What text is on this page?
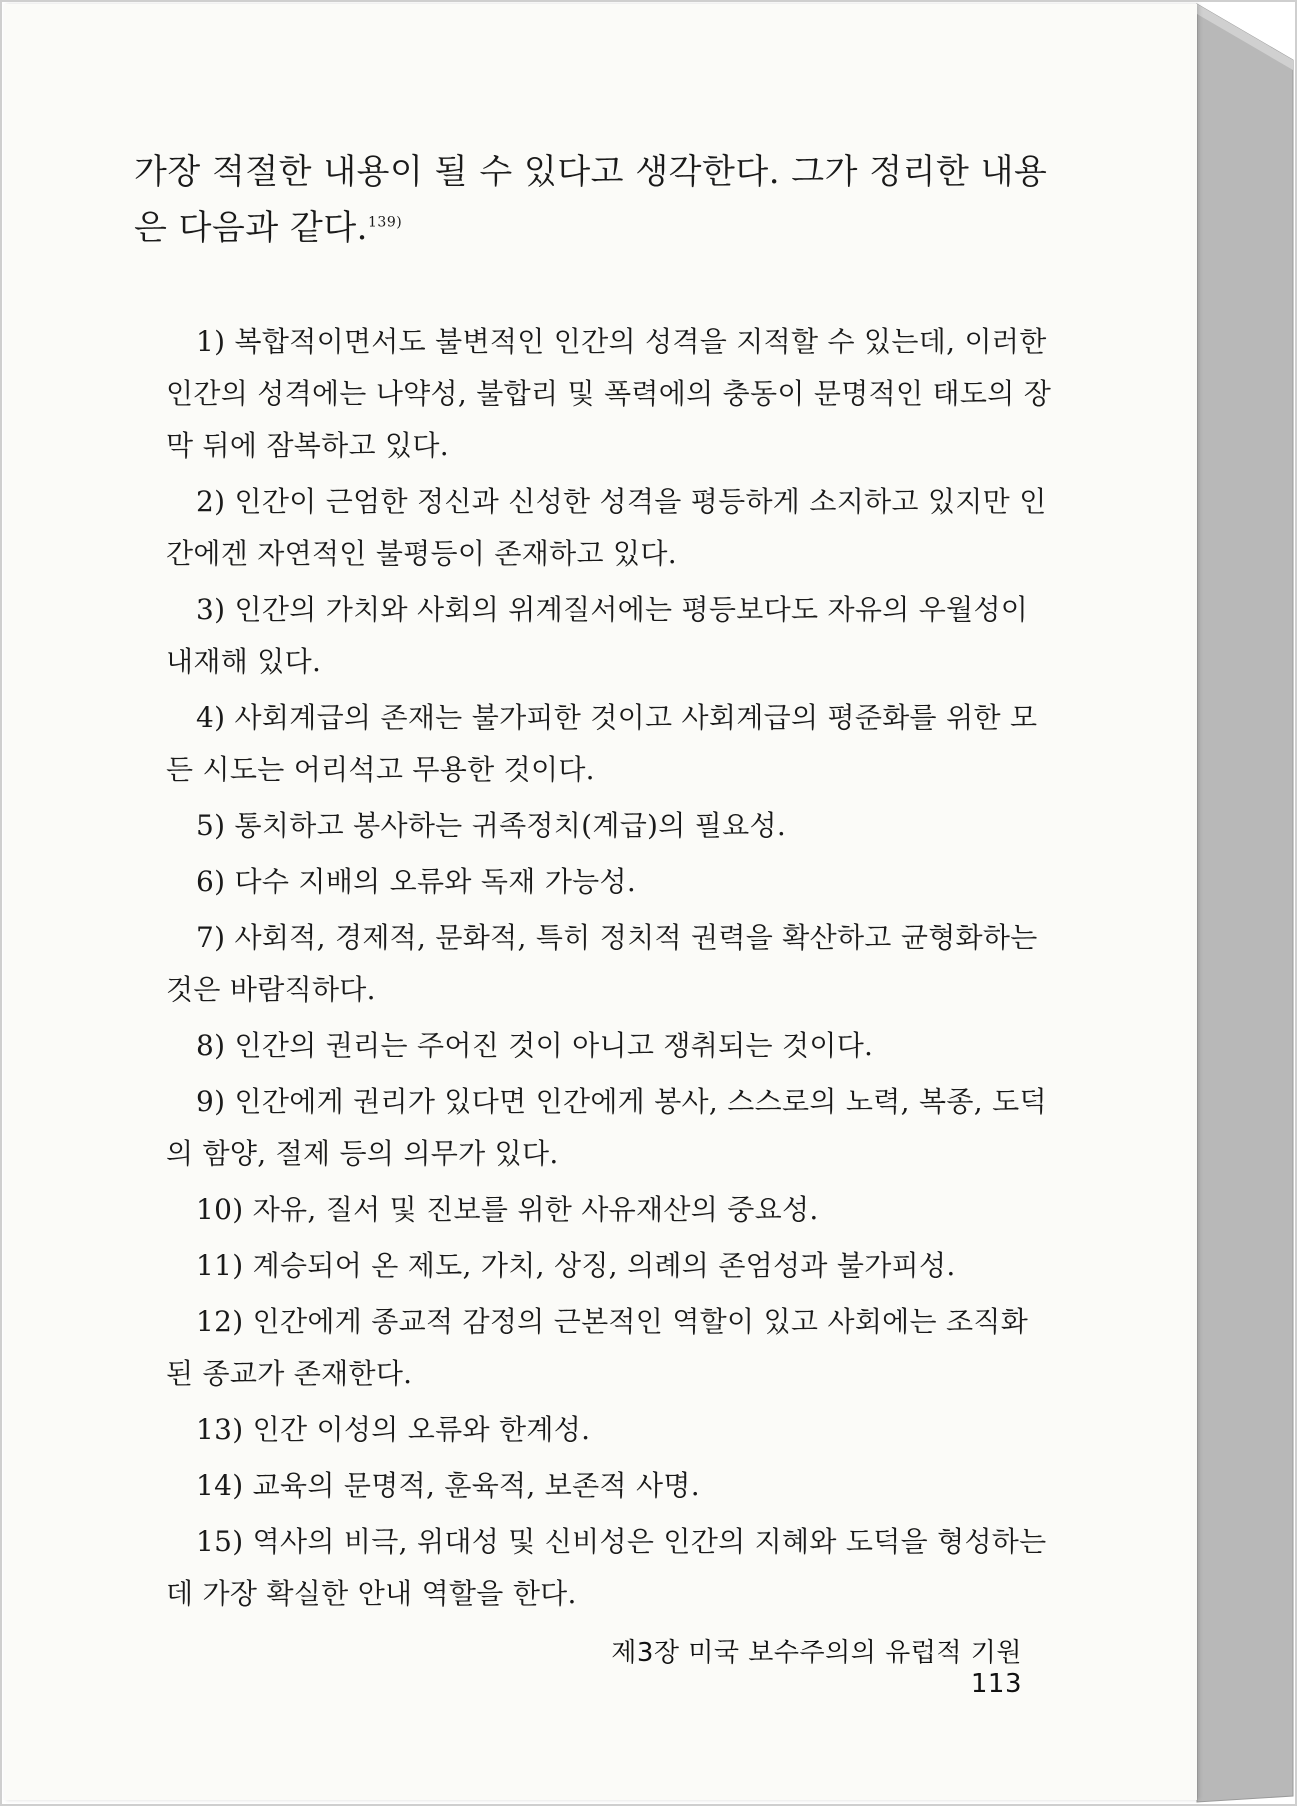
가장 적절한 내용이 될 수 있다고 생각한다. 그가 정리한 내용은 다음과 같다.$^{139)}$

1) 복합적이면서도 불변적인 인간의 성격을 지적할 수 있는데, 이러한 인간의 성격에는 나약성, 불합리 및 폭력에의 충동이 문명적인 태도의 장막 뒤에 잠복하고 있다.
2) 인간이 근엄한 정신과 신성한 성격을 평등하게 소지하고 있지만 인간에겐 자연적인 불평등이 존재하고 있다.
3) 인간의 가치와 사회의 위계질서에는 평등보다도 자유의 우월성이 내재해 있다.
4) 사회계급의 존재는 불가피한 것이고 사회계급의 평준화를 위한 모든 시도는 어리석고 무용한 것이다.
5) 통치하고 봉사하는 귀족정치(계급)의 필요성.
6) 다수 지배의 오류와 독재 가능성.
7) 사회적, 경제적, 문화적, 특히 정치적 권력을 확산하고 균형화하는 것은 바람직하다.
8) 인간의 권리는 주어진 것이 아니고 쟁취되는 것이다.
9) 인간에게 권리가 있다면 인간에게 봉사, 스스로의 노력, 복종, 도덕의 함양, 절제 등의 의무가 있다.
10) 자유, 질서 및 진보를 위한 사유재산의 중요성.
11) 계승되어 온 제도, 가치, 상징, 의례의 존엄성과 불가피성.
12) 인간에게 종교적 감정의 근본적인 역할이 있고 사회에는 조직화된 종교가 존재한다.
13) 인간 이성의 오류와 한계성.
14) 교육의 문명적, 훈육적, 보존적 사명.
15) 역사의 비극, 위대성 및 신비성은 인간의 지혜와 도덕을 형성하는 데 가장 확실한 안내 역할을 한다.
제3장 미국 보수주의의 유럽적 기원113
